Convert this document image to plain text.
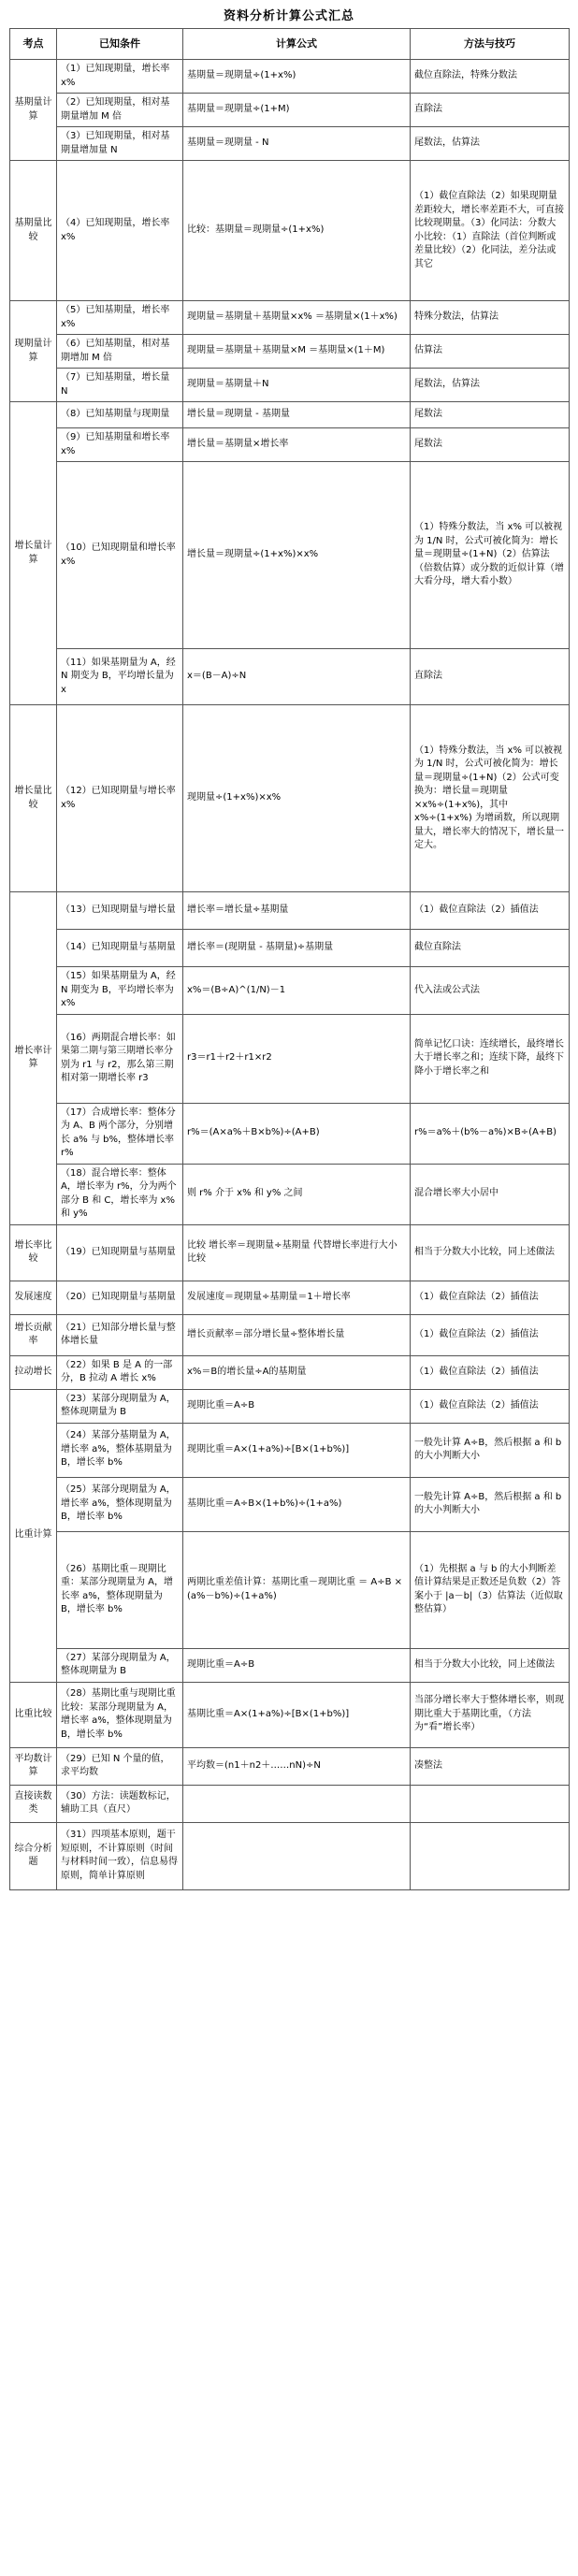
资料分析计算公式汇总
考点	已知条件	计算公式	方法与技巧
基期量计算	（1）已知现期量，增长率 x%	基期量＝现期量÷(1+x%)	截位直除法，特殊分数法
	（2）已知现期量，相对基期量增加 M 倍	基期量＝现期量÷(1+M)	直除法
	（3）已知现期量，相对基期量增加量 N	基期量＝现期量 - N	尾数法，估算法
基期量比较	（4）已知现期量，增长率 x%	比较：基期量＝现期量÷(1+x%)	（1）截位直除法（2）如果现期量差距较大，增长率差距不大，可直接比较现期量。（3）化同法：分数大小比较：（1）直除法（首位判断或差量比较）（2）化同法，差分法或其它
现期量计算	（5）已知基期量，增长率 x%	现期量＝基期量＋基期量×x% ＝基期量×(1＋x%)	特殊分数法，估算法
	（6）已知基期量，相对基期增加 M 倍	现期量＝基期量＋基期量×M ＝基期量×(1＋M)	估算法
	（7）已知基期量，增长量 N	现期量＝基期量＋N	尾数法，估算法
增长量计算	（8）已知基期量与现期量	增长量＝现期量 - 基期量	尾数法
	（9）已知基期量和增长率 x%	增长量＝基期量×增长率	尾数法
	（10）已知现期量和增长率 x%	增长量＝现期量÷(1+x%)×x%	（1）特殊分数法，当 x% 可以被视为 1/N 时，公式可被化简为：增长量＝现期量÷(1+N)（2）估算法（倍数估算）或分数的近似计算（增大看分母，增大看小数）
	（11）如果基期量为 A，经 N 期变为 B，平均增长量为 x	x＝(B－A)÷N	直除法
增长量比较	（12）已知现期量与增长率 x%	现期量÷(1+x%)×x%	（1）特殊分数法，当 x% 可以被视为 1/N 时，公式可被化简为：增长量＝现期量÷(1+N)（2）公式可变换为：增长量＝现期量×x%÷(1+x%)，其中 x%÷(1+x%) 为增函数，所以现期量大，增长率大的情况下，增长量一定大。
增长率计算	（13）已知现期量与增长量	增长率＝增长量÷基期量	（1）截位直除法（2）插值法
	（14）已知现期量与基期量	增长率＝(现期量 - 基期量)÷基期量	截位直除法
	（15）如果基期量为 A，经 N 期变为 B，平均增长率为 x%	x%＝(B÷A)^(1/N)－1	代入法或公式法
	（16）两期混合增长率：如果第二期与第三期增长率分别为 r1 与 r2，那么第三期相对第一期增长率 r3	r3＝r1＋r2＋r1×r2	简单记忆口诀：连续增长，最终增长大于增长率之和；连续下降，最终下降小于增长率之和
	（17）合成增长率：整体分为 A、B 两个部分，分别增长 a% 与 b%，整体增长率 r%	r%＝(A×a%＋B×b%)÷(A+B)	r%＝a%＋(b%－a%)×B÷(A+B)
	（18）混合增长率：整体 A，增长率为 r%，分为两个部分 B 和 C，增长率为 x% 和 y%	则 r% 介于 x% 和 y% 之间	混合增长率大小居中
增长率比较	（19）已知现期量与基期量	比较 增长率＝现期量÷基期量 代替增长率进行大小比较	相当于分数大小比较，同上述做法
发展速度	（20）已知现期量与基期量	发展速度＝现期量÷基期量＝1＋增长率	（1）截位直除法（2）插值法
增长贡献率	（21）已知部分增长量与整体增长量	增长贡献率＝部分增长量÷整体增长量	（1）截位直除法（2）插值法
拉动增长	（22）如果 B 是 A 的一部分，B 拉动 A 增长 x%	x%＝B的增长量÷A的基期量	（1）截位直除法（2）插值法
比重计算	（23）某部分现期量为 A，整体现期量为 B	现期比重＝A÷B	（1）截位直除法（2）插值法
	（24）某部分基期量为 A，增长率 a%，整体基期量为 B，增长率 b%	现期比重＝A×(1+a%)÷[B×(1+b%)]	一般先计算 A÷B，然后根据 a 和 b 的大小判断大小
	（25）某部分现期量为 A，增长率 a%，整体现期量为 B，增长率 b%	基期比重＝A÷B×(1+b%)÷(1+a%)	一般先计算 A÷B，然后根据 a 和 b 的大小判断大小
	（26）基期比重－现期比重：某部分现期量为 A，增长率 a%，整体现期量为 B，增长率 b%	两期比重差值计算：基期比重－现期比重 ＝ A÷B × (a%－b%)÷(1+a%)	（1）先根据 a 与 b 的大小判断差值计算结果是正数还是负数（2）答案小于 |a－b|（3）估算法（近似取整估算）
	（27）某部分现期量为 A，整体现期量为 B	现期比重＝A÷B	相当于分数大小比较，同上述做法
比重比较	（28）基期比重与现期比重比较：某部分现期量为 A，增长率 a%，整体现期量为 B，增长率 b%	基期比重＝A×(1+a%)÷[B×(1+b%)]	当部分增长率大于整体增长率，则现期比重大于基期比重，（方法为“看”增长率）
平均数计算	（29）已知 N 个量的值，求平均数	平均数＝(n1＋n2＋……nN)÷N	凑整法
直接读数类	（30）方法：读题数标记，辅助工具（直尺）		
综合分析题	（31）四项基本原则，题干短原则，不计算原则（时间与材料时间一致），信息易得原则，简单计算原则		
